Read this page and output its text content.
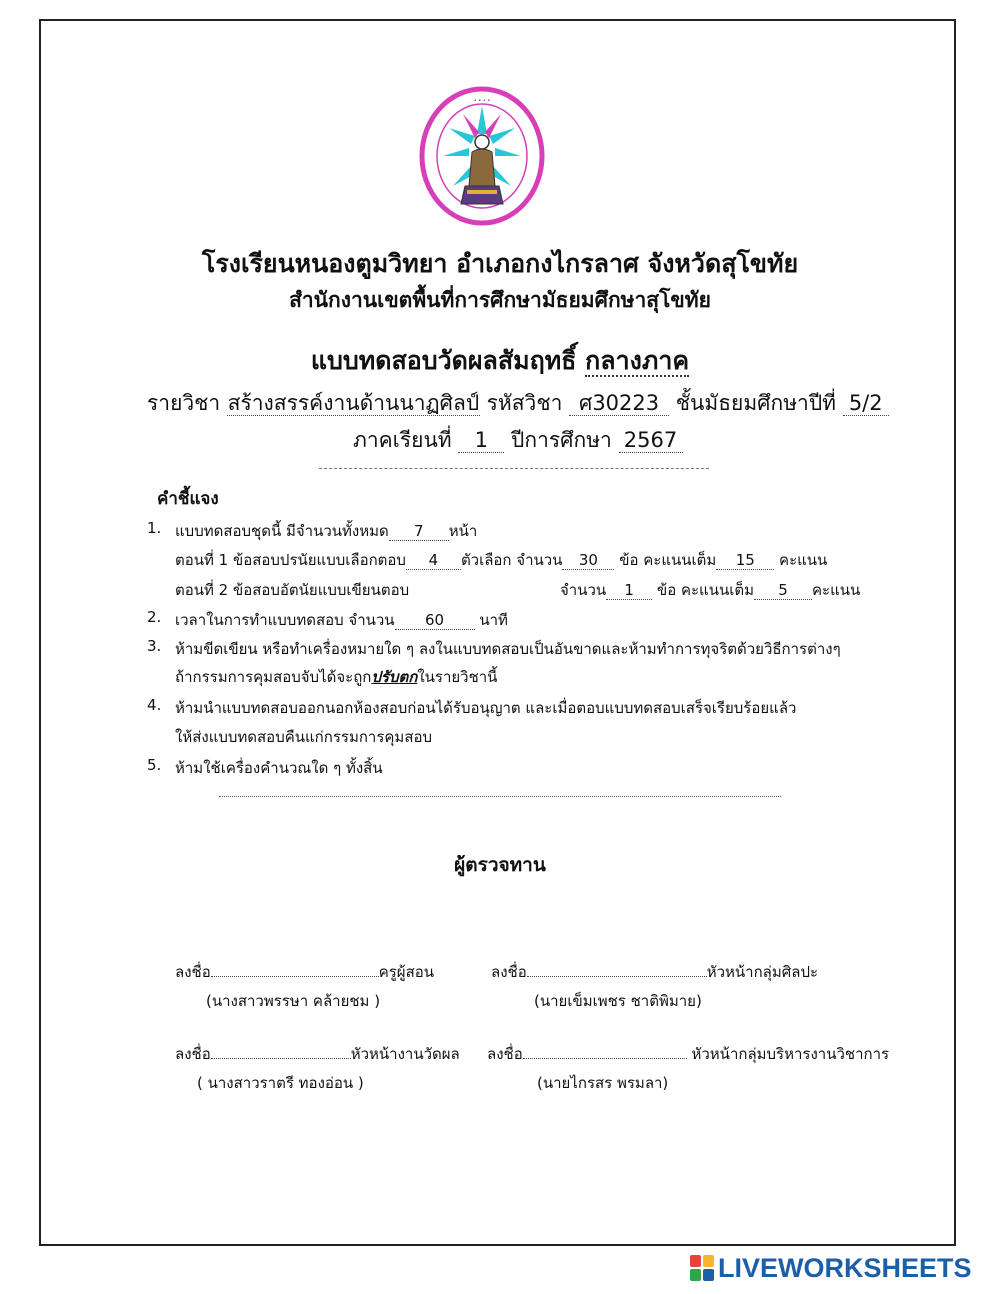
• • • •
โรงเรียนหนองตูมวิทยา อำเภอกงไกรลาศ จังหวัดสุโขทัย
สำนักงานเขตพื้นที่การศึกษามัธยมศึกษาสุโขทัย
แบบทดสอบวัดผลสัมฤทธิ์ กลางภาค
รายวิชา สร้างสรรค์งานด้านนาฏศิลป์ รหัสวิชา ศ30223 ชั้นมัธยมศึกษาปีที่ 5/2
ภาคเรียนที่ 1 ปีการศึกษา 2567
คำชี้แจง
1. แบบทดสอบชุดนี้ มีจำนวนทั้งหมด 7 หน้า
ตอนที่ 1 ข้อสอบปรนัยแบบเลือกตอบ 4 ตัวเลือก จำนวน 30 ข้อ คะแนนเต็ม 15 คะแนน
ตอนที่ 2 ข้อสอบอัตนัยแบบเขียนตอบ	จำนวน 1 ข้อ คะแนนเต็ม 5 คะแนน
2. เวลาในการทำแบบทดสอบ จำนวน 60 นาที
3. ห้ามขีดเขียน หรือทำเครื่องหมายใด ๆ ลงในแบบทดสอบเป็นอันขาดและห้ามทำการทุจริตด้วยวิธีการต่างๆ
ถ้ากรรมการคุมสอบจับได้จะถูกปรับตกในรายวิชานี้
4. ห้ามนำแบบทดสอบออกนอกห้องสอบก่อนได้รับอนุญาต และเมื่อตอบแบบทดสอบเสร็จเรียบร้อยแล้ว
ให้ส่งแบบทดสอบคืนแก่กรรมการคุมสอบ
5. ห้ามใช้เครื่องคำนวณใด ๆ ทั้งสิ้น
ผู้ตรวจทาน
ลงชื่อ	ครูผู้สอน
(นางสาวพรรษา คล้ายชม )
ลงชื่อ	หัวหน้ากลุ่มศิลปะ
(นายเข็มเพชร ชาติพิมาย)
ลงชื่อ	หัวหน้างานวัดผล
( นางสาวราตรี ทองอ่อน )
ลงชื่อ	หัวหน้ากลุ่มบริหารงานวิชาการ
(นายไกรสร พรมลา)
LIVEWORKSHEETS
